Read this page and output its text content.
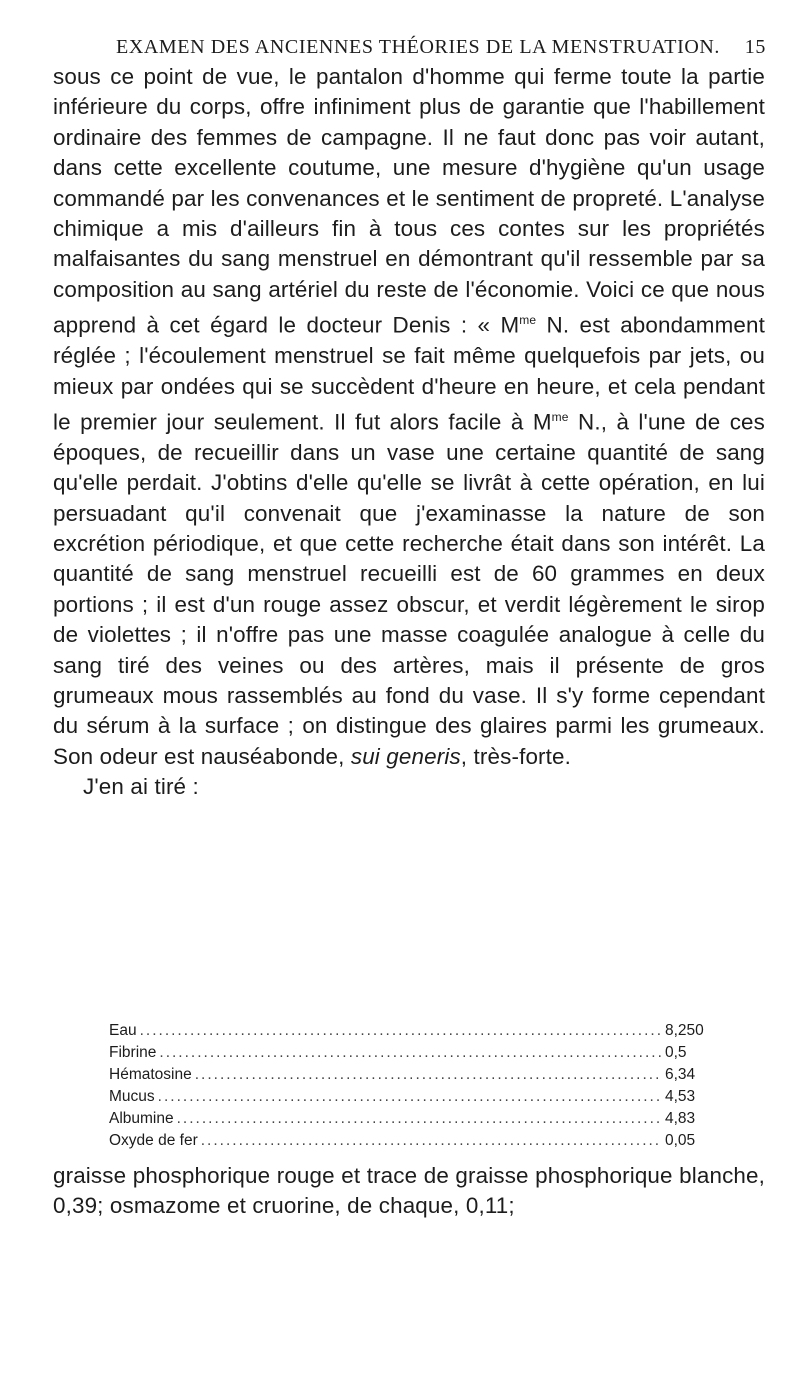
EXAMEN DES ANCIENNES THÉORIES DE LA MENSTRUATION. 15

sous ce point de vue, le pantalon d'homme qui ferme toute la partie inférieure du corps, offre infiniment plus de garantie que l'habillement ordinaire des femmes de campagne. Il ne faut donc pas voir autant, dans cette excellente coutume, une mesure d'hygiène qu'un usage commandé par les convenances et le sentiment de propreté. L'analyse chimique a mis d'ailleurs fin à tous ces contes sur les propriétés malfaisantes du sang menstruel en démontrant qu'il ressemble par sa composition au sang artériel du reste de l'économie. Voici ce que nous apprend à cet égard le docteur Denis : « $M^{me}$ N. est abondamment réglée ; l'écoulement menstruel se fait même quelquefois par jets, ou mieux par ondées qui se succèdent d'heure en heure, et cela pendant le premier jour seulement. Il fut alors facile à $M^{me}$ N., à l'une de ces époques, de recueillir dans un vase une certaine quantité de sang qu'elle perdait. J'obtins d'elle qu'elle se livrât à cette opération, en lui persuadant qu'il convenait que j'examinasse la nature de son excrétion périodique, et que cette recherche était dans son intérêt. La quantité de sang menstruel recueilli est de 60 grammes en deux portions ; il est d'un rouge assez obscur, et verdit légèrement le sirop de violettes ; il n'offre pas une masse coagulée analogue à celle du sang tiré des veines ou des artères, mais il présente de gros grumeaux mous rassemblés au fond du vase. Il s'y forme cependant du sérum à la surface ; on distingue des glaires parmi les grumeaux. Son odeur est nauséabonde, sui generis, très-forte.

J'en ai tiré :

Eau .....	8,250
Fibrine .....	0,5
Hématosine .....	6,34
Mucus .....	4,53
Albumine .....	4,83
Oxyde de fer .....	0,05

graisse phosphorique rouge et trace de graisse phosphorique blanche, 0,39; osmazome et cruorine, de chaque, 0,11;
